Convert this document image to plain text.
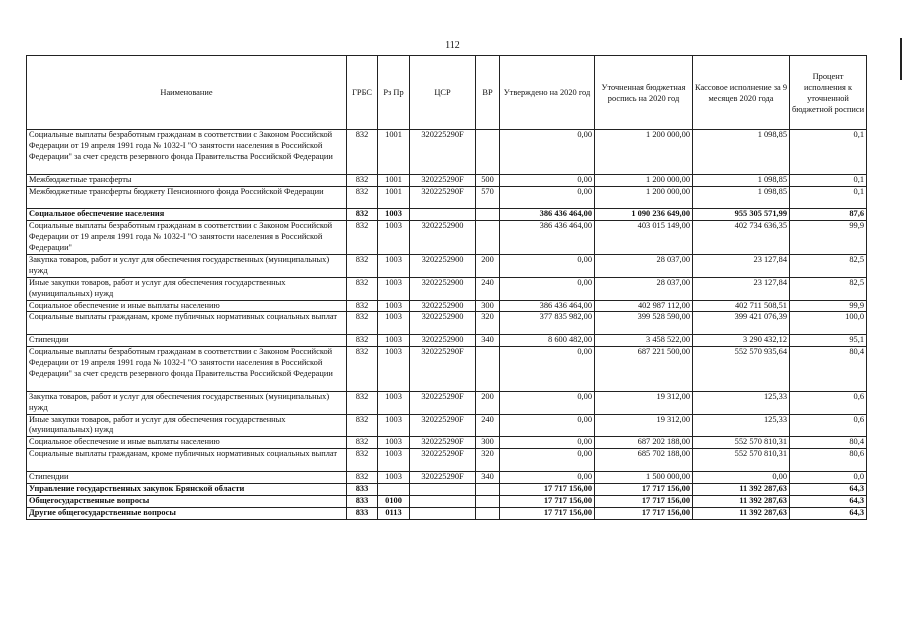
112
Наименование	ГРБС	Рз Пр	ЦСР	ВР	Утверждено на 2020 год	Уточненная бюджетная роспись на 2020 год	Кассовое исполнение за 9 месяцев 2020 года	Процент исполнения к уточненной бюджетной росписи
Социальные выплаты безработным гражданам в соответствии с Законом Российской Федерации от 19 апреля 1991 года № 1032-I "О занятости населения в Российской Федерации" за счет средств резервного фонда Правительства Российской Федерации	832	1001	320225290F		0,00	1 200 000,00	1 098,85	0,1
Межбюджетные трансферты	832	1001	320225290F	500	0,00	1 200 000,00	1 098,85	0,1
Межбюджетные трансферты бюджету Пенсионного фонда Российской Федерации	832	1001	320225290F	570	0,00	1 200 000,00	1 098,85	0,1
Социальное обеспечение населения	832	1003			386 436 464,00	1 090 236 649,00	955 305 571,99	87,6
Социальные выплаты безработным гражданам в соответствии с Законом Российской Федерации от 19 апреля 1991 года № 1032-I "О занятости населения в Российской Федерации"	832	1003	3202252900		386 436 464,00	403 015 149,00	402 734 636,35	99,9
Закупка товаров, работ и услуг для обеспечения государственных (муниципальных) нужд	832	1003	3202252900	200	0,00	28 037,00	23 127,84	82,5
Иные закупки товаров, работ и услуг для обеспечения государственных (муниципальных) нужд	832	1003	3202252900	240	0,00	28 037,00	23 127,84	82,5
Социальное обеспечение и иные выплаты населению	832	1003	3202252900	300	386 436 464,00	402 987 112,00	402 711 508,51	99,9
Социальные выплаты гражданам, кроме публичных нормативных социальных выплат	832	1003	3202252900	320	377 835 982,00	399 528 590,00	399 421 076,39	100,0
Стипендии	832	1003	3202252900	340	8 600 482,00	3 458 522,00	3 290 432,12	95,1
Социальные выплаты безработным гражданам в соответствии с Законом Российской Федерации от 19 апреля 1991 года № 1032-I "О занятости населения в Российской Федерации" за счет средств резервного фонда Правительства Российской Федерации	832	1003	320225290F		0,00	687 221 500,00	552 570 935,64	80,4
Закупка товаров, работ и услуг для обеспечения государственных (муниципальных) нужд	832	1003	320225290F	200	0,00	19 312,00	125,33	0,6
Иные закупки товаров, работ и услуг для обеспечения государственных (муниципальных) нужд	832	1003	320225290F	240	0,00	19 312,00	125,33	0,6
Социальное обеспечение и иные выплаты населению	832	1003	320225290F	300	0,00	687 202 188,00	552 570 810,31	80,4
Социальные выплаты гражданам, кроме публичных нормативных социальных выплат	832	1003	320225290F	320	0,00	685 702 188,00	552 570 810,31	80,6
Стипендии	832	1003	320225290F	340	0,00	1 500 000,00	0,00	0,0
Управление государственных закупок Брянской области	833				17 717 156,00	17 717 156,00	11 392 287,63	64,3
Общегосударственные вопросы	833	0100			17 717 156,00	17 717 156,00	11 392 287,63	64,3
Другие общегосударственные вопросы	833	0113			17 717 156,00	17 717 156,00	11 392 287,63	64,3
